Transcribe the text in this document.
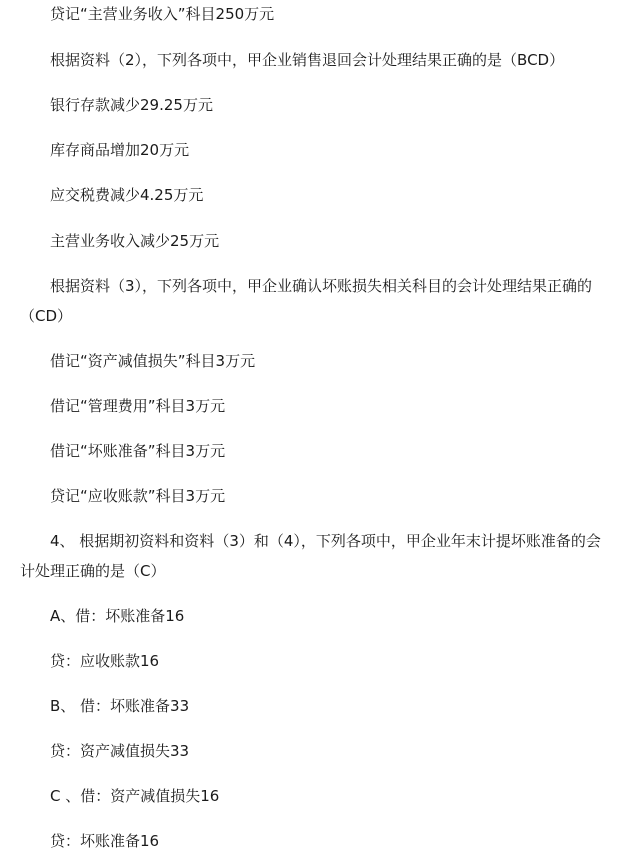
贷记“主营业务收入”科目250万元
根据资料（2），下列各项中，甲企业销售退回会计处理结果正确的是（BCD）
银行存款减少29.25万元
库存商品增加20万元
应交税费减少4.25万元
主营业务收入减少25万元
根据资料（3），下列各项中，甲企业确认坏账损失相关科目的会计处理结果正确的
（CD）
借记“资产减值损失”科目3万元
借记“管理费用”科目3万元
借记“坏账准备”科目3万元
贷记“应收账款”科目3万元
4、 根据期初资料和资料（3）和（4），下列各项中，甲企业年末计提坏账准备的会
计处理正确的是（C）
A、借：坏账准备16
贷：应收账款16
B、 借：坏账准备33
贷：资产减值损失33
C 、借：资产减值损失16
贷：坏账准备16
